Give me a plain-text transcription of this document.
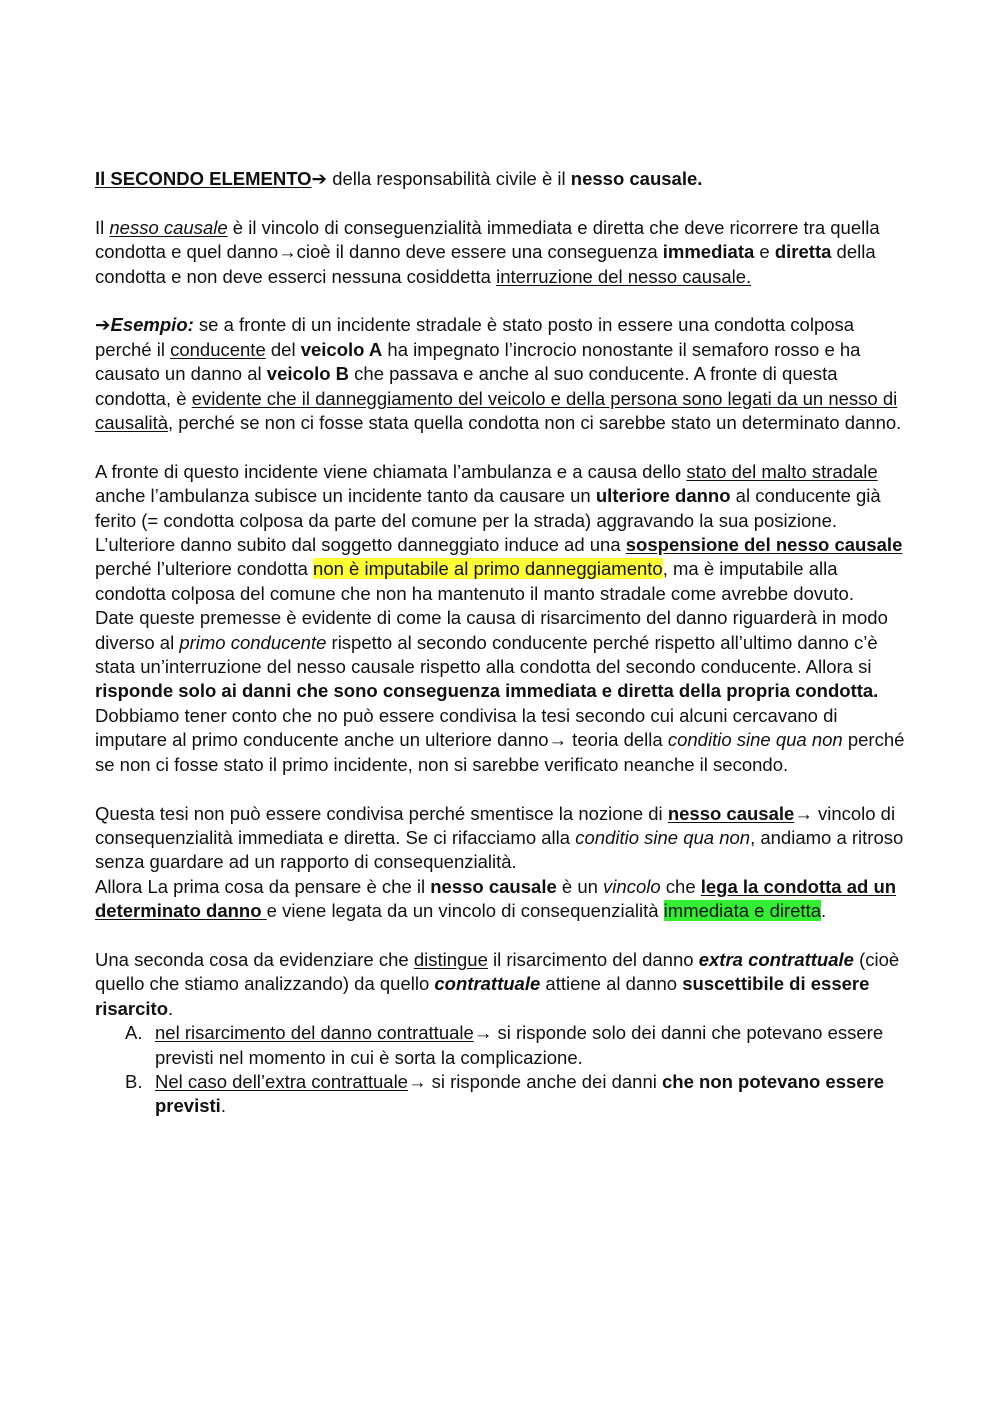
Il SECONDO ELEMENTO➔ della responsabilità civile è il nesso causale.

Il nesso causale è il vincolo di conseguenzialità immediata e diretta che deve ricorrere tra quella condotta e quel danno→cioè il danno deve essere una conseguenza immediata e diretta della condotta e non deve esserci nessuna cosiddetta interruzione del nesso causale.

➔Esempio: se a fronte di un incidente stradale è stato posto in essere una condotta colposa perché il conducente del veicolo A ha impegnato l’incrocio nonostante il semaforo rosso e ha causato un danno al veicolo B che passava e anche al suo conducente. A fronte di questa condotta, è evidente che il danneggiamento del veicolo e della persona sono legati da un nesso di causalità, perché se non ci fosse stata quella condotta non ci sarebbe stato un determinato danno.

A fronte di questo incidente viene chiamata l’ambulanza e a causa dello stato del malto stradale anche l’ambulanza subisce un incidente tanto da causare un ulteriore danno al conducente già ferito (= condotta colposa da parte del comune per la strada) aggravando la sua posizione. L’ulteriore danno subito dal soggetto danneggiato induce ad una sospensione del nesso causale perché l’ulteriore condotta non è imputabile al primo danneggiamento, ma è imputabile alla condotta colposa del comune che non ha mantenuto il manto stradale come avrebbe dovuto.

Date queste premesse è evidente di come la causa di risarcimento del danno riguarderà in modo diverso al primo conducente rispetto al secondo conducente perché rispetto all’ultimo danno c’è stata un’interruzione del nesso causale rispetto alla condotta del secondo conducente. Allora si risponde solo ai danni che sono conseguenza immediata e diretta della propria condotta.

Dobbiamo tener conto che no può essere condivisa la tesi secondo cui alcuni cercavano di imputare al primo conducente anche un ulteriore danno→ teoria della conditio sine qua non perché se non ci fosse stato il primo incidente, non si sarebbe verificato neanche il secondo.

Questa tesi non può essere condivisa perché smentisce la nozione di nesso causale→ vincolo di consequenzialità immediata e diretta. Se ci rifacciamo alla conditio sine qua non, andiamo a ritroso senza guardare ad un rapporto di consequenzialità.

Allora La prima cosa da pensare è che il nesso causale è un vincolo che lega la condotta ad un determinato danno e viene legata da un vincolo di consequenzialità immediata e diretta.

Una seconda cosa da evidenziare che distingue il risarcimento del danno extra contrattuale (cioè quello che stiamo analizzando) da quello contrattuale attiene al danno suscettibile di essere risarcito.

A. nel risarcimento del danno contrattuale→ si risponde solo dei danni che potevano essere previsti nel momento in cui è sorta la complicazione.
B. Nel caso dell’extra contrattuale→ si risponde anche dei danni che non potevano essere previsti.
